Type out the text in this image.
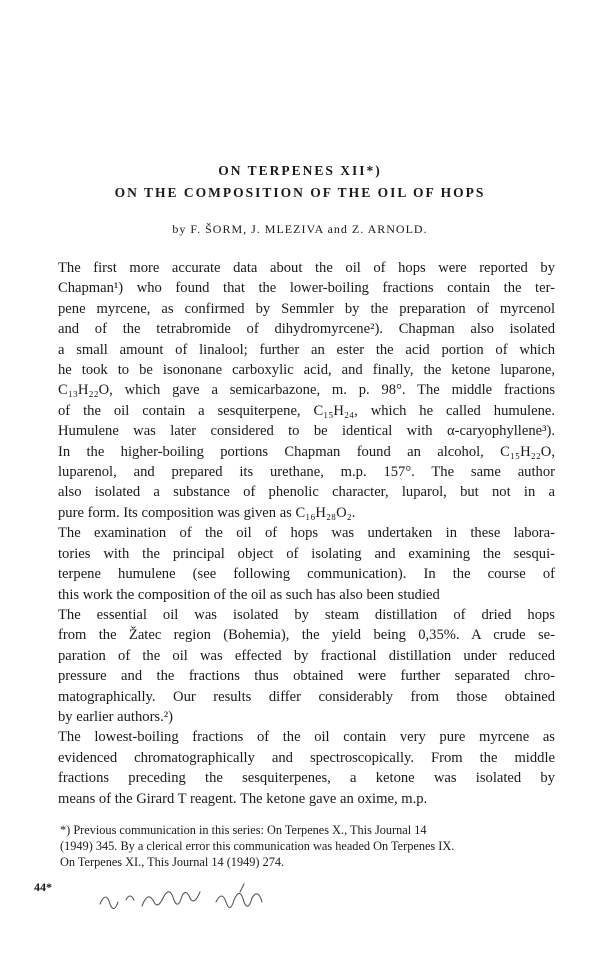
ON TERPENES XII*)
ON THE COMPOSITION OF THE OIL OF HOPS
by F. ŠORM, J. MLEZIVA and Z. ARNOLD.
The first more accurate data about the oil of hops were reported by
Chapman¹) who found that the lower-boiling fractions contain the ter-
pene myrcene, as confirmed by Semmler by the preparation of myrcenol
and of the tetrabromide of dihydromyrcene²). Chapman also isolated
a small amount of linalool; further an ester the acid portion of which
he took to be isononane carboxylic acid, and finally, the ketone luparone,
C₁₃H₂₂O, which gave a semicarbazone, m. p. 98°. The middle fractions
of the oil contain a sesquiterpene, C₁₅H₂₄, which he called humulene.
Humulene was later considered to be identical with α-caryophyllene³).
In the higher-boiling portions Chapman found an alcohol, C₁₅H₂₂O,
luparenol, and prepared its urethane, m.p. 157°. The same author
also isolated a substance of phenolic character, luparol, but not in a
pure form. Its composition was given as C₁₆H₂₈O₂.
The examination of the oil of hops was undertaken in these labora-
tories with the principal object of isolating and examining the sesqui-
terpene humulene (see following communication). In the course of
this work the composition of the oil as such has also been studied
The essential oil was isolated by steam distillation of dried hops
from the Žatec region (Bohemia), the yield being 0,35%. A crude se-
paration of the oil was effected by fractional distillation under reduced
pressure and the fractions thus obtained were further separated chro-
matographically. Our results differ considerably from those obtained
by earlier authors.²)
The lowest-boiling fractions of the oil contain very pure myrcene as
evidenced chromatographically and spectroscopically. From the middle
fractions preceding the sesquiterpenes, a ketone was isolated by
means of the Girard T reagent. The ketone gave an oxime, m.p.
*) Previous communication in this series: On Terpenes X., This Journal 14
(1949) 345. By a clerical error this communication was headed On Terpenes IX.
On Terpenes XI., This Journal 14 (1949) 274.
44*
